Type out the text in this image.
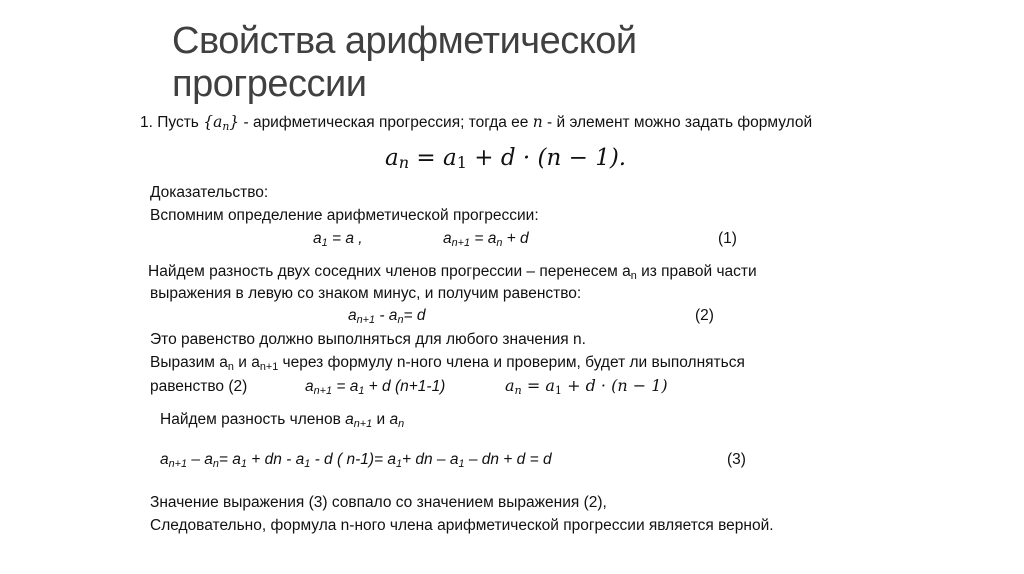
Свойства арифметической
прогрессии
1. Пусть $\{a_n\}$ - арифметическая прогрессия; тогда ее n - й элемент можно задать формулой
$a_n = a_1 + d \cdot (n - 1)$.
Доказательство:
Вспомним определение арифметической прогрессии:
$a_1 = a$ ,	$a_{n+1} = a_n + d$	(1)
Найдем разность двух соседних членов прогрессии – перенесем $a_n$ из правой части
выражения в левую со знаком минус, и получим равенство:
$a_{n+1} - a_n= d$	(2)
Это равенство должно выполняться для любого значения n.
Выразим $a_n$ и $a_{n+1}$ через формулу n-ного члена и проверим, будет ли выполняться
равенство (2)	$a_{n+1} = a_1 + d$ (n+1-1)	$a_n = a_1 + d \cdot (n - 1)$
Найдем разность членов $a_{n+1}$ и $a_n$
$a_{n+1} - a_n= a_1$ + dn - $a_1$ - d ( $n-1)= a_1+$ dn – $a_1$ – dn + d = d	(3)
Значение выражения (3) совпало со значением выражения (2),
Следовательно, формула n-ного члена арифметической прогрессии является верной.
